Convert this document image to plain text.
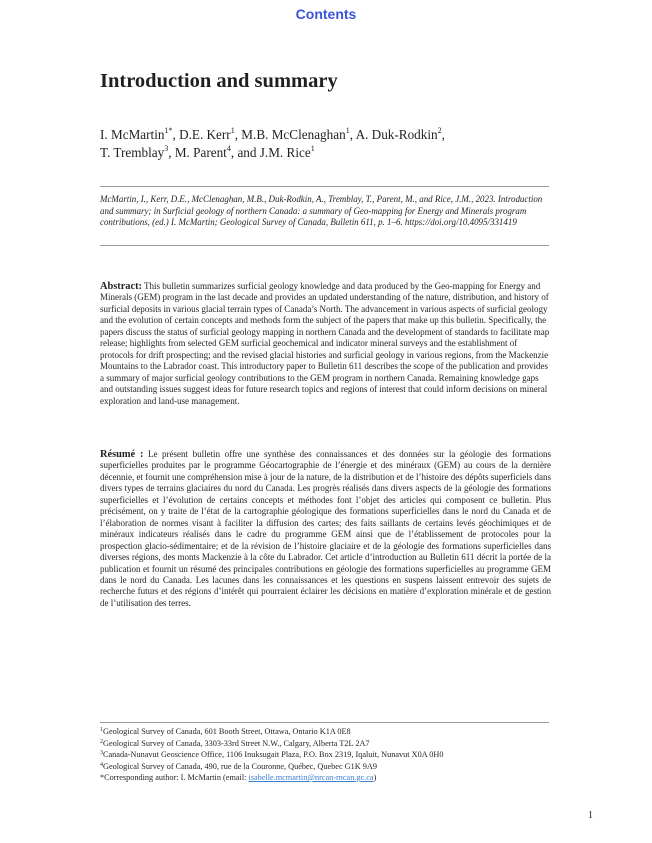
Contents
Introduction and summary
I. McMartin$^{1*}$, D.E. Kerr$^1$, M.B. McClenaghan$^1$, A. Duk-Rodkin$^2$,
T. Tremblay$^3$, M. Parent$^4$, and J.M. Rice$^1$
McMartin, I., Kerr, D.E., McClenaghan, M.B., Duk-Rodkin, A., Tremblay, T., Parent, M., and Rice, J.M., 2023. Introduction and summary; in Surficial geology of northern Canada: a summary of Geo-mapping for Energy and Minerals program contributions, (ed.) I. McMartin; Geological Survey of Canada, Bulletin 611, p. 1–6. https://doi.org/10.4095/331419
Abstract: This bulletin summarizes surficial geology knowledge and data produced by the Geo-mapping for Energy and Minerals (GEM) program in the last decade and provides an updated understanding of the nature, distribution, and history of surficial deposits in various glacial terrain types of Canada’s North. The advancement in various aspects of surficial geology and the evolution of certain concepts and methods form the subject of the papers that make up this bulletin. Specifically, the papers discuss the status of surficial geology mapping in northern Canada and the development of standards to facilitate map release; highlights from selected GEM surficial geochemical and indicator mineral surveys and the establishment of protocols for drift prospecting; and the revised glacial histories and surficial geology in various regions, from the Mackenzie Mountains to the Labrador coast. This introductory paper to Bulletin 611 describes the scope of the publication and provides a summary of major surficial geology contributions to the GEM program in northern Canada. Remaining knowledge gaps and outstanding issues suggest ideas for future research topics and regions of interest that could inform decisions on mineral exploration and land-use management.
Résumé : Le présent bulletin offre une synthèse des connaissances et des données sur la géologie des formations superficielles produites par le programme Géocartographie de l’énergie et des minéraux (GEM) au cours de la dernière décennie, et fournit une compréhension mise à jour de la nature, de la distribution et de l’histoire des dépôts superficiels dans divers types de terrains glaciaires du nord du Canada. Les progrès réalisés dans divers aspects de la géologie des formations superficielles et l’évolution de certains concepts et méthodes font l’objet des articles qui composent ce bulletin. Plus précisément, on y traite de l’état de la cartographie géologique des formations superficielles dans le nord du Canada et de l’élaboration de normes visant à faciliter la diffusion des cartes; des faits saillants de certains levés géochimiques et de minéraux indicateurs réalisés dans le cadre du programme GEM ainsi que de l’établissement de protocoles pour la prospection glacio-sédimentaire; et de la révision de l’histoire glaciaire et de la géologie des formations superficielles dans diverses régions, des monts Mackenzie à la côte du Labrador. Cet article d’introduction au Bulletin 611 décrit la portée de la publication et fournit un résumé des principales contributions en géologie des formations superficielles au programme GEM dans le nord du Canada. Les lacunes dans les connaissances et les questions en suspens laissent entrevoir des sujets de recherche futurs et des régions d’intérêt qui pourraient éclairer les décisions en matière d’exploration minérale et de gestion de l’utilisation des terres.
$^1$Geological Survey of Canada, 601 Booth Street, Ottawa, Ontario K1A 0E8
$^2$Geological Survey of Canada, 3303-33rd Street N.W., Calgary, Alberta T2L 2A7
$^3$Canada-Nunavut Geoscience Office, 1106 Inuksugait Plaza, P.O. Box 2319, Iqaluit, Nunavut X0A 0H0
$^4$Geological Survey of Canada, 490, rue de la Couronne, Québec, Quebec G1K 9A9
*Corresponding author: I. McMartin (email: isabelle.mcmartin@nrcan-rncan.gc.ca)
1
